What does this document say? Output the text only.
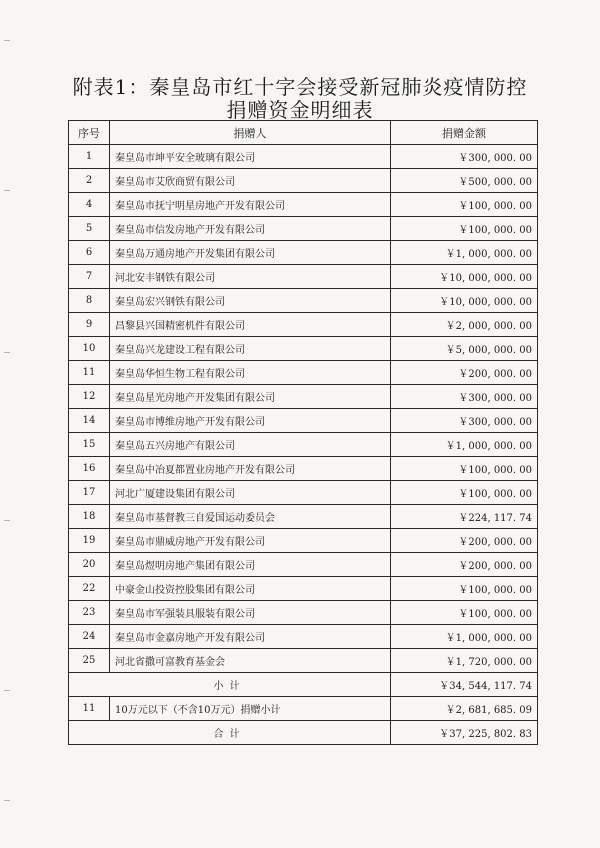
附表1：秦皇岛市红十字会接受新冠肺炎疫情防控
捐赠资金明细表
序号	捐赠人	捐赠金额
1	秦皇岛市坤平安全玻璃有限公司	￥300, 000. 00
2	秦皇岛市艾欣商贸有限公司	￥500, 000. 00
4	秦皇岛市抚宁明星房地产开发有限公司	￥100, 000. 00
5	秦皇岛市信发房地产开发有限公司	￥100, 000. 00
6	秦皇岛万通房地产开发集团有限公司	￥1, 000, 000. 00
7	河北安丰钢铁有限公司	￥10, 000, 000. 00
8	秦皇岛宏兴钢铁有限公司	￥10, 000, 000. 00
9	昌黎县兴国精密机件有限公司	￥2, 000, 000. 00
10	秦皇岛兴龙建设工程有限公司	￥5, 000, 000. 00
11	秦皇岛华恒生物工程有限公司	￥200, 000. 00
12	秦皇岛星光房地产开发集团有限公司	￥300, 000. 00
14	秦皇岛市博维房地产开发有限公司	￥300, 000. 00
15	秦皇岛五兴房地产有限公司	￥1, 000, 000. 00
16	秦皇岛中冶夏都置业房地产开发有限公司	￥100, 000. 00
17	河北广厦建设集团有限公司	￥100, 000. 00
18	秦皇岛市基督教三自爱国运动委员会	￥224, 117. 74
19	秦皇岛市鼎威房地产开发有限公司	￥200, 000. 00
20	秦皇岛煜明房地产集团有限公司	￥200, 000. 00
22	中豪金山投资控股集团有限公司	￥100, 000. 00
23	秦皇岛市军强装具服装有限公司	￥100, 000. 00
24	秦皇岛市金嘉房地产开发有限公司	￥1, 000, 000. 00
25	河北省撒可富教育基金会	￥1, 720, 000. 00
小计		￥34, 544, 117. 74
11	10万元以下（不含10万元）捐赠小计	￥2, 681, 685. 09
合计		￥37, 225, 802. 83
